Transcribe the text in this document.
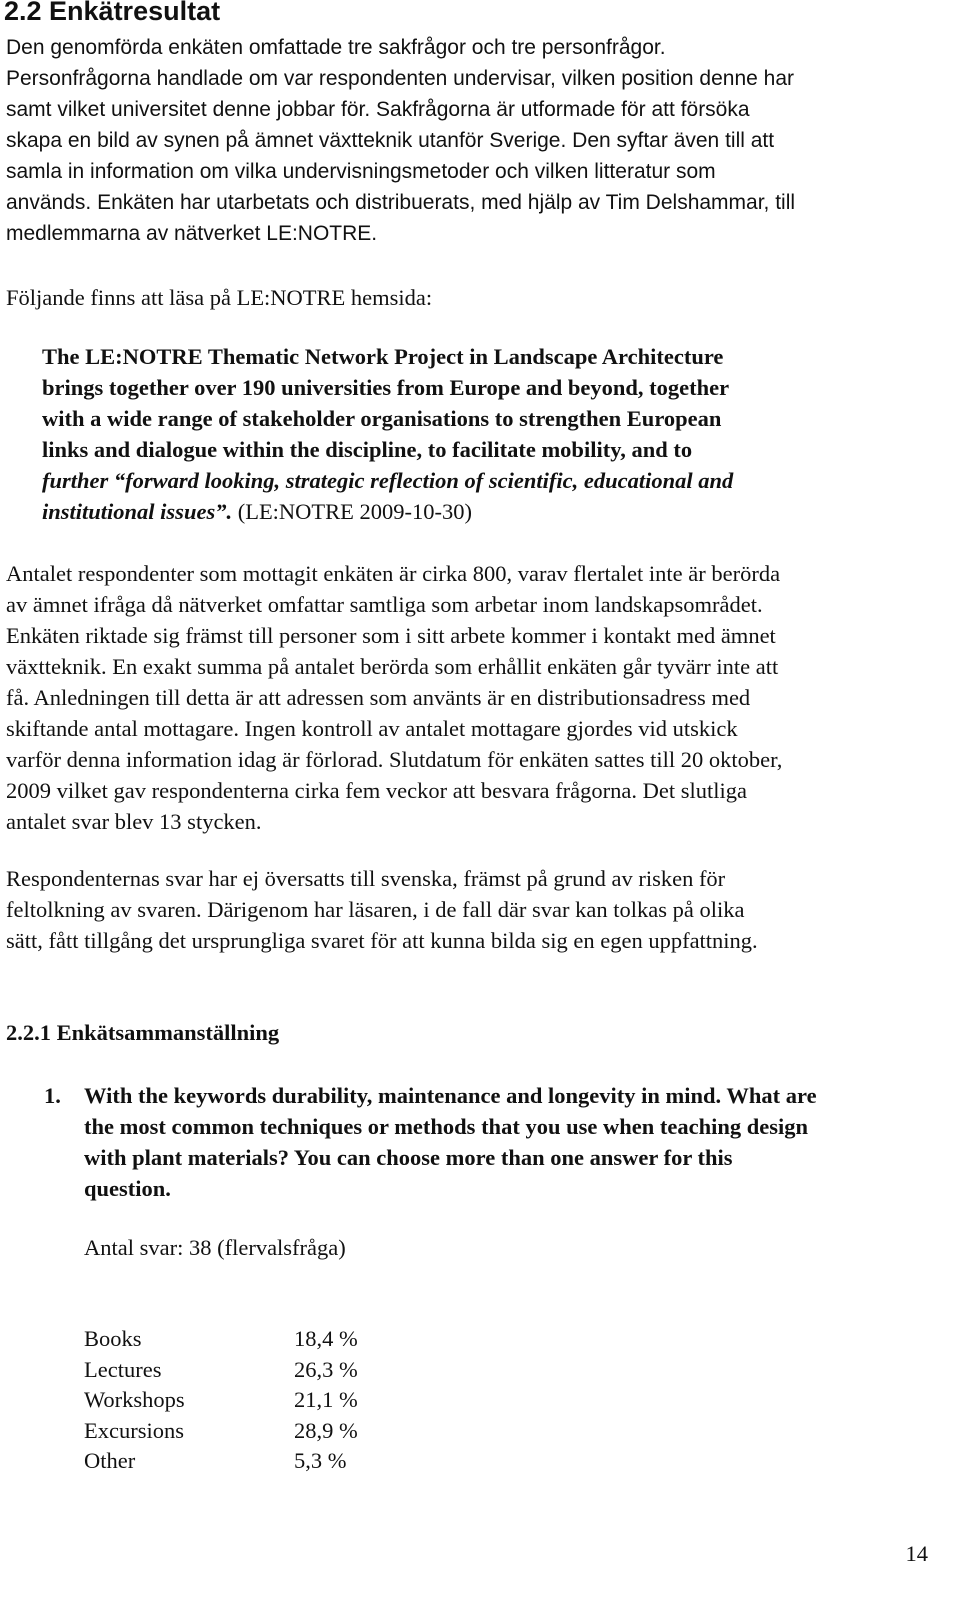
2.2 Enkätresultat

Den genomförda enkäten omfattade tre sakfrågor och tre personfrågor.
Personfrågorna handlade om var respondenten undervisar, vilken position denne har
samt vilket universitet denne jobbar för. Sakfrågorna är utformade för att försöka
skapa en bild av synen på ämnet växtteknik utanför Sverige. Den syftar även till att
samla in information om vilka undervisningsmetoder och vilken litteratur som
används. Enkäten har utarbetats och distribuerats, med hjälp av Tim Delshammar, till
medlemmarna av nätverket LE:NOTRE.

Följande finns att läsa på LE:NOTRE hemsida:

The LE:NOTRE Thematic Network Project in Landscape Architecture
brings together over 190 universities from Europe and beyond, together
with a wide range of stakeholder organisations to strengthen European
links and dialogue within the discipline, to facilitate mobility, and to
further “forward looking, strategic reflection of scientific, educational and
institutional issues”. (LE:NOTRE 2009-10-30)

Antalet respondenter som mottagit enkäten är cirka 800, varav flertalet inte är berörda
av ämnet ifråga då nätverket omfattar samtliga som arbetar inom landskapsområdet.
Enkäten riktade sig främst till personer som i sitt arbete kommer i kontakt med ämnet
växtteknik. En exakt summa på antalet berörda som erhållit enkäten går tyvärr inte att
få. Anledningen till detta är att adressen som använts är en distributionsadress med
skiftande antal mottagare. Ingen kontroll av antalet mottagare gjordes vid utskick
varför denna information idag är förlorad. Slutdatum för enkäten sattes till 20 oktober,
2009 vilket gav respondenterna cirka fem veckor att besvara frågorna. Det slutliga
antalet svar blev 13 stycken.

Respondenternas svar har ej översatts till svenska, främst på grund av risken för
feltolkning av svaren. Därigenom har läsaren, i de fall där svar kan tolkas på olika
sätt, fått tillgång det ursprungliga svaret för att kunna bilda sig en egen uppfattning.

2.2.1 Enkätsammanställning
1. With the keywords durability, maintenance and longevity in mind. What are
the most common techniques or methods that you use when teaching design
with plant materials? You can choose more than one answer for this
question.

Antal svar: 38 (flervalsfråga)

Books	18,4 %
Lectures	26,3 %
Workshops	21,1 %
Excursions	28,9 %
Other	5,3 %
14
